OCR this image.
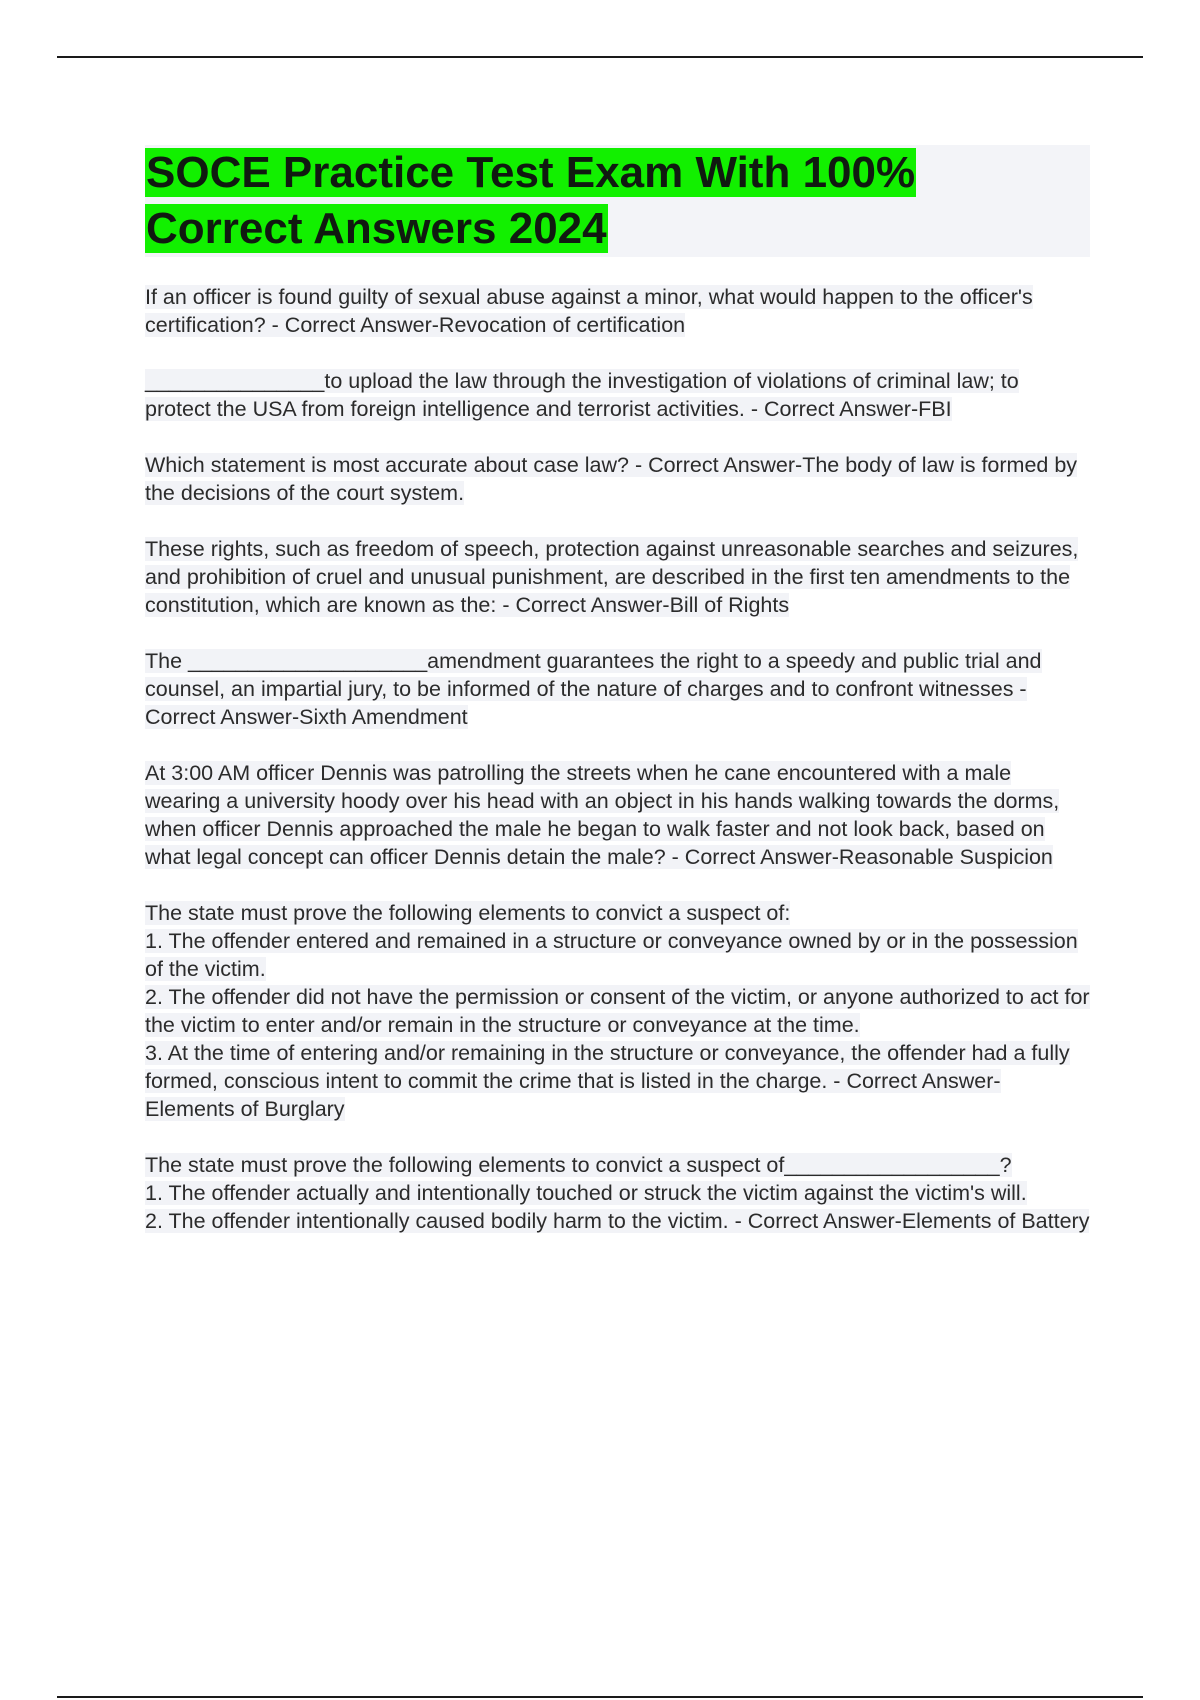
SOCE Practice Test Exam With 100%
Correct Answers 2024

If an officer is found guilty of sexual abuse against a minor, what would happen to the officer's certification? - Correct Answer-Revocation of certification

_______________to upload the law through the investigation of violations of criminal law; to protect the USA from foreign intelligence and terrorist activities. - Correct Answer-FBI

Which statement is most accurate about case law? - Correct Answer-The body of law is formed by the decisions of the court system.

These rights, such as freedom of speech, protection against unreasonable searches and seizures, and prohibition of cruel and unusual punishment, are described in the first ten amendments to the constitution, which are known as the: - Correct Answer-Bill of Rights

The ____________________amendment guarantees the right to a speedy and public trial and counsel, an impartial jury, to be informed of the nature of charges and to confront witnesses - Correct Answer-Sixth Amendment

At 3:00 AM officer Dennis was patrolling the streets when he cane encountered with a male wearing a university hoody over his head with an object in his hands walking towards the dorms, when officer Dennis approached the male he began to walk faster and not look back, based on what legal concept can officer Dennis detain the male? - Correct Answer-Reasonable Suspicion

The state must prove the following elements to convict a suspect of:

1. The offender entered and remained in a structure or conveyance owned by or in the possession of the victim.

2. The offender did not have the permission or consent of the victim, or anyone authorized to act for the victim to enter and/or remain in the structure or conveyance at the time.

3. At the time of entering and/or remaining in the structure or conveyance, the offender had a fully formed, conscious intent to commit the crime that is listed in the charge. - Correct Answer-Elements of Burglary

The state must prove the following elements to convict a suspect of__________________?

1. The offender actually and intentionally touched or struck the victim against the victim's will.

2. The offender intentionally caused bodily harm to the victim. - Correct Answer-Elements of Battery
